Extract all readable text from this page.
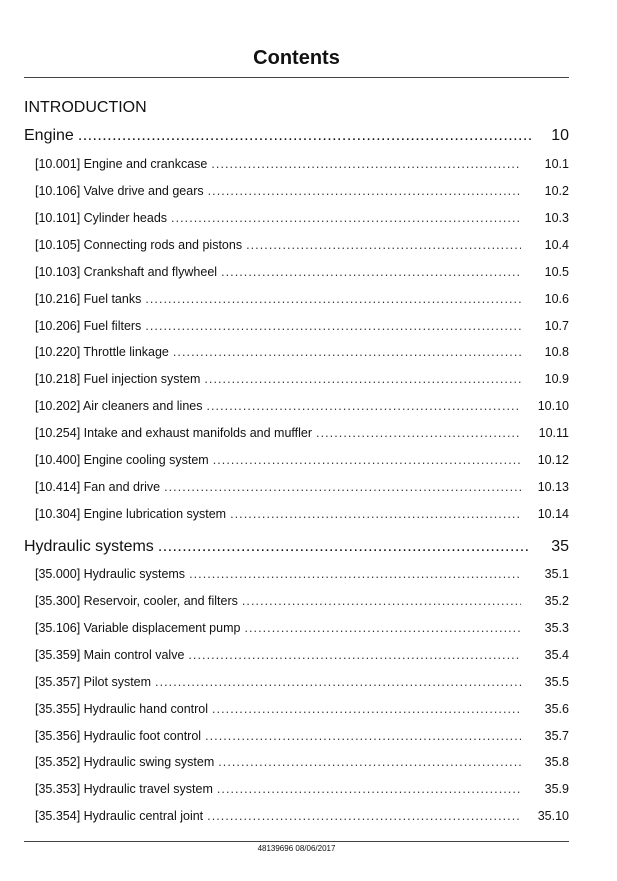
Contents
INTRODUCTION
Engine . . .	10
[10.001] Engine and crankcase . . .	10.1
[10.106] Valve drive and gears . . .	10.2
[10.101] Cylinder heads . . .	10.3
[10.105] Connecting rods and pistons . . .	10.4
[10.103] Crankshaft and flywheel . . .	10.5
[10.216] Fuel tanks . . .	10.6
[10.206] Fuel filters . . .	10.7
[10.220] Throttle linkage . . .	10.8
[10.218] Fuel injection system . . .	10.9
[10.202] Air cleaners and lines . . .	10.10
[10.254] Intake and exhaust manifolds and muffler . . .	10.11
[10.400] Engine cooling system . . .	10.12
[10.414] Fan and drive . . .	10.13
[10.304] Engine lubrication system . . .	10.14
Hydraulic systems . . .	35
[35.000] Hydraulic systems . . .	35.1
[35.300] Reservoir, cooler, and filters . . .	35.2
[35.106] Variable displacement pump . . .	35.3
[35.359] Main control valve . . .	35.4
[35.357] Pilot system . . .	35.5
[35.355] Hydraulic hand control . . .	35.6
[35.356] Hydraulic foot control . . .	35.7
[35.352] Hydraulic swing system . . .	35.8
[35.353] Hydraulic travel system . . .	35.9
[35.354] Hydraulic central joint . . .	35.10
48139696 08/06/2017
